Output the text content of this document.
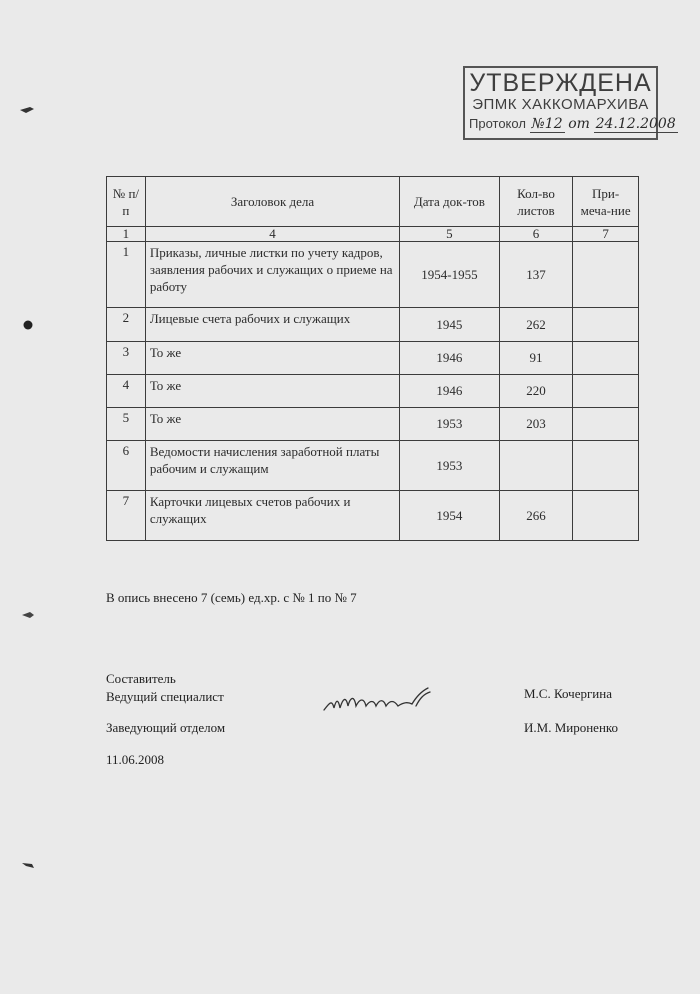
УТВЕРЖДЕНА
ЭПМК ХАККОМАРХИВА
Протокол №12 от 24.12.2008
№ п/п	Заголовок дела	Дата док-тов	Кол-во листов	При-меча-ние
1	4	5	6	7
1	Приказы, личные листки по учету кадров, заявления рабочих и служащих о приеме на работу	1954-1955	137	
2	Лицевые счета рабочих и служащих	1945	262	
3	То же	1946	91	
4	То же	1946	220	
5	То же	1953	203	
6	Ведомости начисления заработной платы рабочим и служащим	1953		
7	Карточки лицевых счетов рабочих и служащих	1954	266	
В опись внесено 7 (семь) ед.хр. с № 1 по № 7
Составитель
Ведущий специалист	М.С. Кочергина
Заведующий отделом	И.М. Мироненко
11.06.2008
